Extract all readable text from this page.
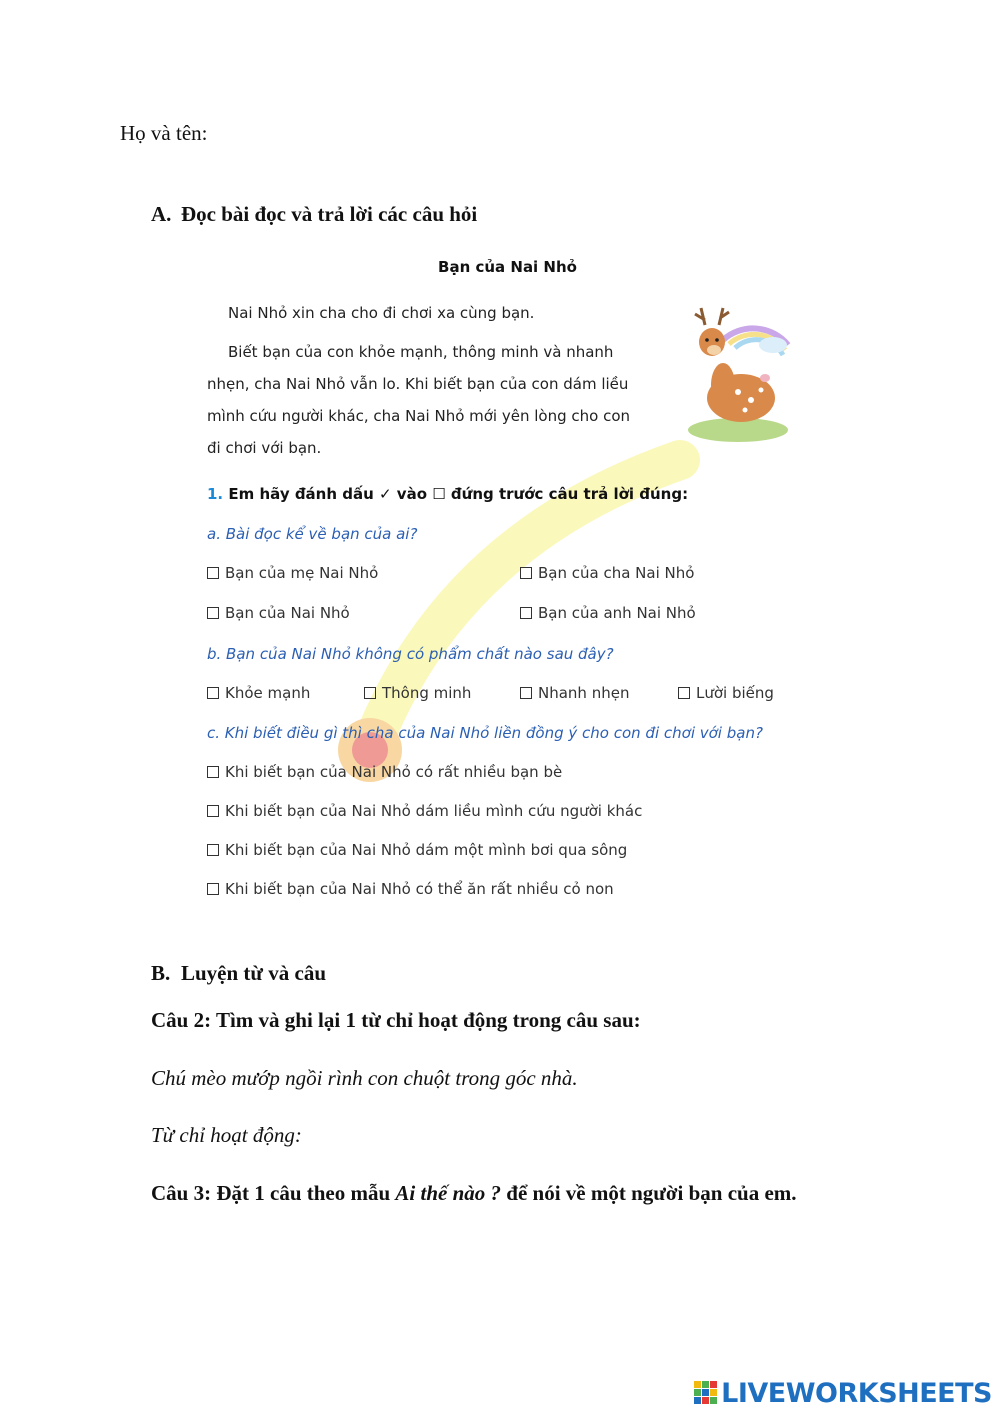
Họ và tên:
A. Đọc bài đọc và trả lời các câu hỏi
Bạn của Nai Nhỏ
Nai Nhỏ xin cha cho đi chơi xa cùng bạn.
Biết bạn của con khỏe mạnh, thông minh và nhanh
nhẹn, cha Nai Nhỏ vẫn lo. Khi biết bạn của con dám liều
mình cứu người khác, cha Nai Nhỏ mới yên lòng cho con
đi chơi với bạn.
1. Em hãy đánh dấu ✓ vào ☐ đứng trước câu trả lời đúng:
a. Bài đọc kể về bạn của ai?
Bạn của mẹ Nai Nhỏ	Bạn của cha Nai Nhỏ
Bạn của Nai Nhỏ	Bạn của anh Nai Nhỏ
b. Bạn của Nai Nhỏ không có phẩm chất nào sau đây?
Khỏe mạnh	Thông minh	Nhanh nhẹn	Lười biếng
c. Khi biết điều gì thì cha của Nai Nhỏ liền đồng ý cho con đi chơi với bạn?
Khi biết bạn của Nai Nhỏ có rất nhiều bạn bè
Khi biết bạn của Nai Nhỏ dám liều mình cứu người khác
Khi biết bạn của Nai Nhỏ dám một mình bơi qua sông
Khi biết bạn của Nai Nhỏ có thể ăn rất nhiều cỏ non
B. Luyện từ và câu
Câu 2: Tìm và ghi lại 1 từ chỉ hoạt động trong câu sau:
Chú mèo mướp ngồi rình con chuột trong góc nhà.
Từ chỉ hoạt động:
Câu 3: Đặt 1 câu theo mẫu Ai thế nào ? để nói về một người bạn của em.
LIVEWORKSHEETS
